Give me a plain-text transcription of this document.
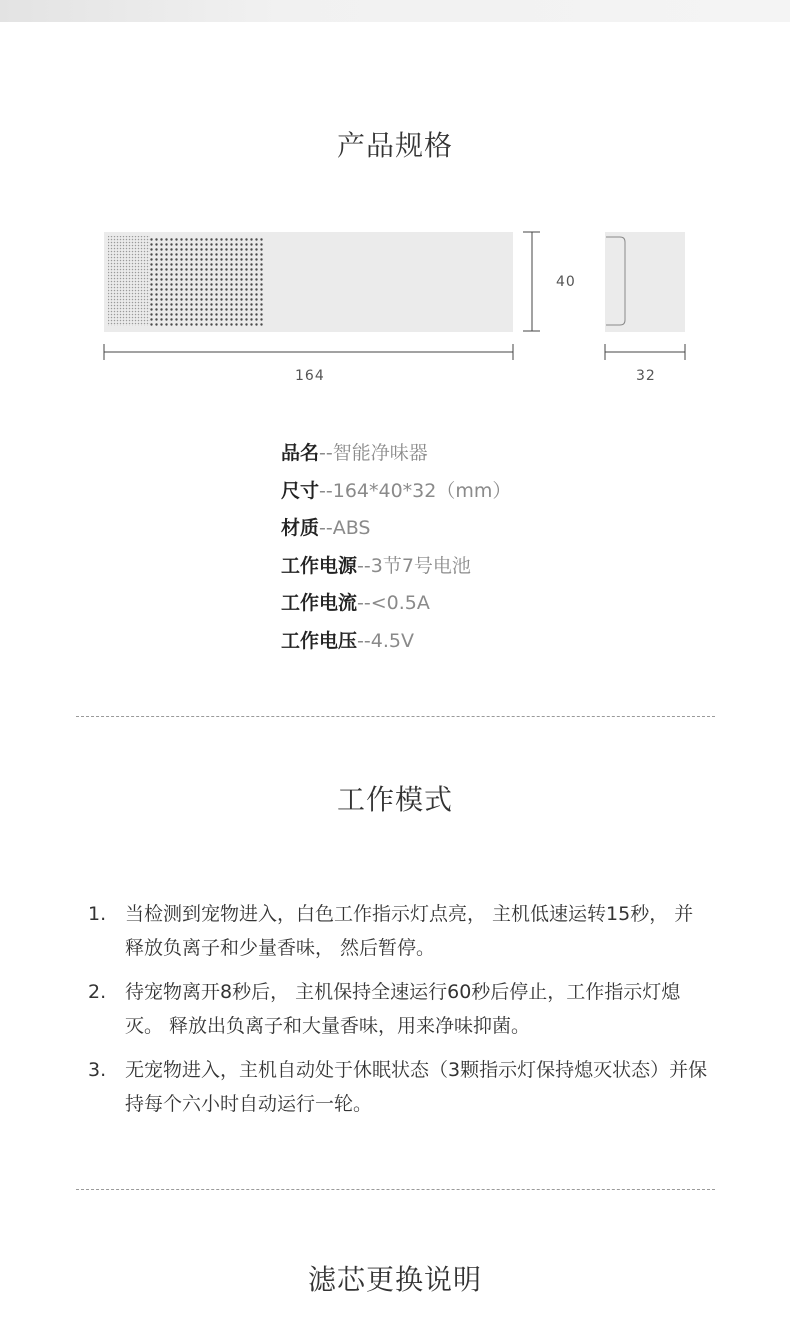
产品规格
40
164	32
品名--智能净味器
尺寸--164*40*32（mm）
材质--ABS
工作电源--3节7号电池
工作电流--<0.5A
工作电压--4.5V
工作模式
1. 当检测到宠物进入，白色工作指示灯点亮， 主机低速运转15秒， 并释放负离子和少量香味， 然后暂停。
2. 待宠物离开8秒后， 主机保持全速运行60秒后停止，工作指示灯熄灭。 释放出负离子和大量香味，用来净味抑菌。
3. 无宠物进入，主机自动处于休眠状态（3颗指示灯保持熄灭状态）并保持每个六小时自动运行一轮。
滤芯更换说明
